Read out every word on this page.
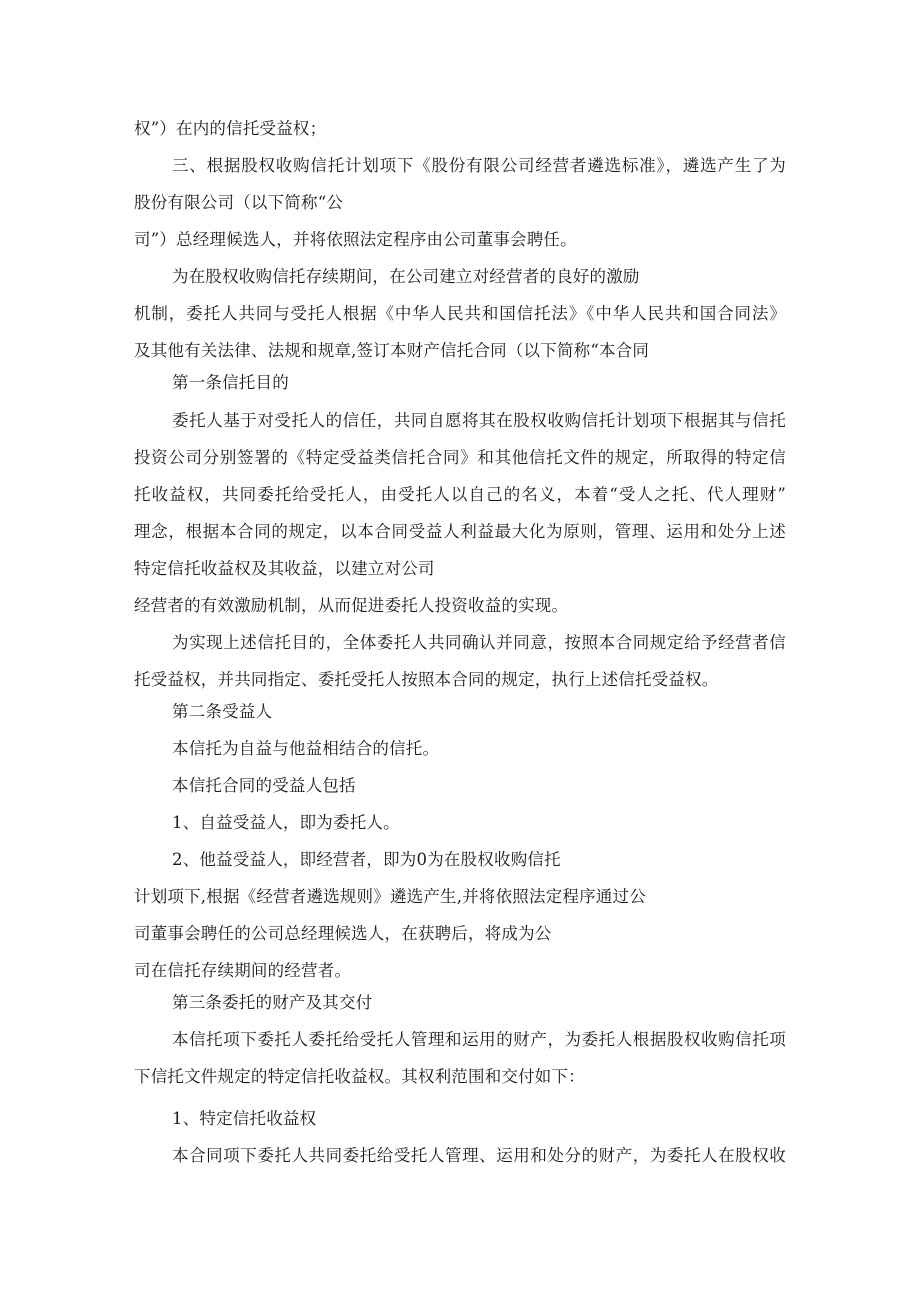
权”）在内的信托受益权；
三、根据股权收购信托计划项下《股份有限公司经营者遴选标准》，遴选产生了为
股份有限公司（以下简称“公
司”）总经理候选人，并将依照法定程序由公司董事会聘任。
为在股权收购信托存续期间，在公司建立对经营者的良好的激励
机制，委托人共同与受托人根据《中华人民共和国信托法》《中华人民共和国合同法》
及其他有关法律、法规和规章,签订本财产信托合同（以下简称“本合同
第一条信托目的
委托人基于对受托人的信任，共同自愿将其在股权收购信托计划项下根据其与信托
投资公司分别签署的《特定受益类信托合同》和其他信托文件的规定，所取得的特定信
托收益权，共同委托给受托人，由受托人以自己的名义，本着“受人之托、代人理财”
理念，根据本合同的规定，以本合同受益人利益最大化为原则，管理、运用和处分上述
特定信托收益权及其收益，以建立对公司
经营者的有效激励机制，从而促进委托人投资收益的实现。
为实现上述信托目的，全体委托人共同确认并同意，按照本合同规定给予经营者信
托受益权，并共同指定、委托受托人按照本合同的规定，执行上述信托受益权。
第二条受益人
本信托为自益与他益相结合的信托。
本信托合同的受益人包括
1、自益受益人，即为委托人。
2、他益受益人，即经营者，即为0为在股权收购信托
计划项下,根据《经营者遴选规则》遴选产生,并将依照法定程序通过公
司董事会聘任的公司总经理候选人，在获聘后，将成为公
司在信托存续期间的经营者。
第三条委托的财产及其交付
本信托项下委托人委托给受托人管理和运用的财产，为委托人根据股权收购信托项
下信托文件规定的特定信托收益权。其权利范围和交付如下：
1、特定信托收益权
本合同项下委托人共同委托给受托人管理、运用和处分的财产，为委托人在股权收
